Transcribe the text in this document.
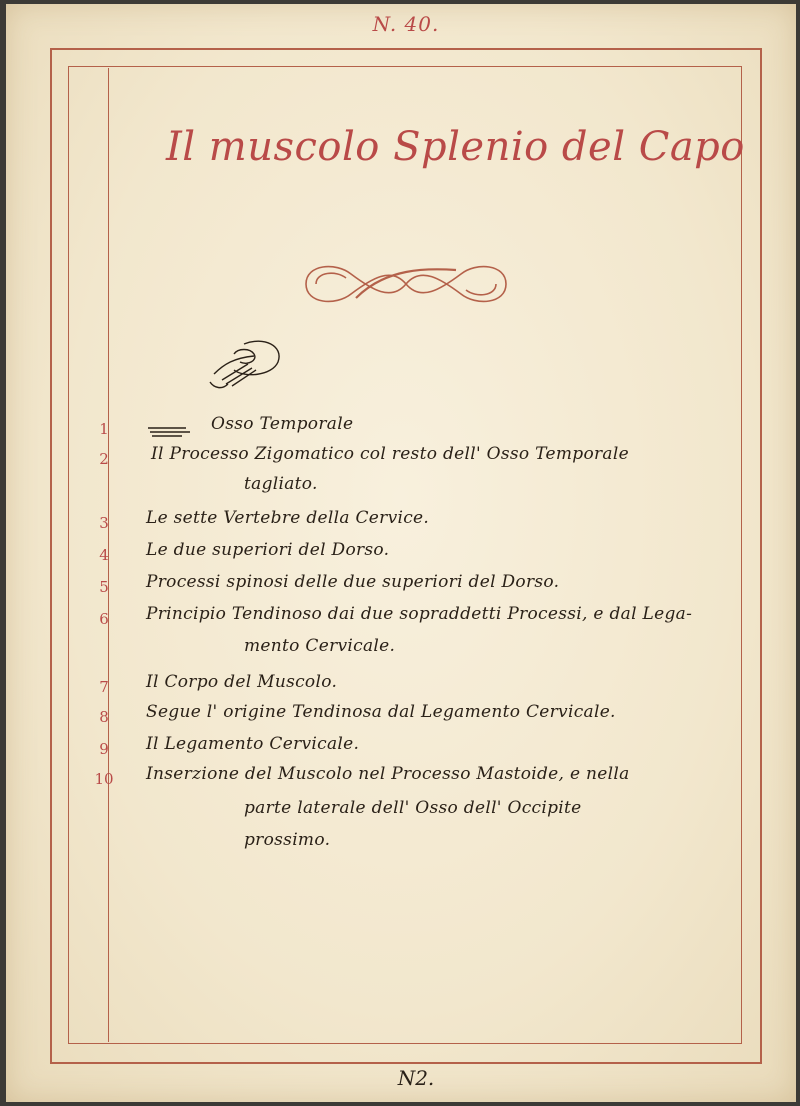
N. 40.
Il muscolo Splenio del Capo
1	Osso Temporale
2	Il Processo Zigomatico col resto dell' Osso Temporale
tagliato.
3	Le sette Vertebre della Cervice.
4	Le due superiori del Dorso.
5	Processi spinosi delle due superiori del Dorso.
6	Principio Tendinoso dai due sopraddetti Processi, e dal Lega-
mento Cervicale.
7	Il Corpo del Muscolo.
8	Segue l' origine Tendinosa dal Legamento Cervicale.
9	Il Legamento Cervicale.
10	Inserzione del Muscolo nel Processo Mastoide, e nella
parte laterale dell' Osso dell' Occipite
prossimo.
N2.
